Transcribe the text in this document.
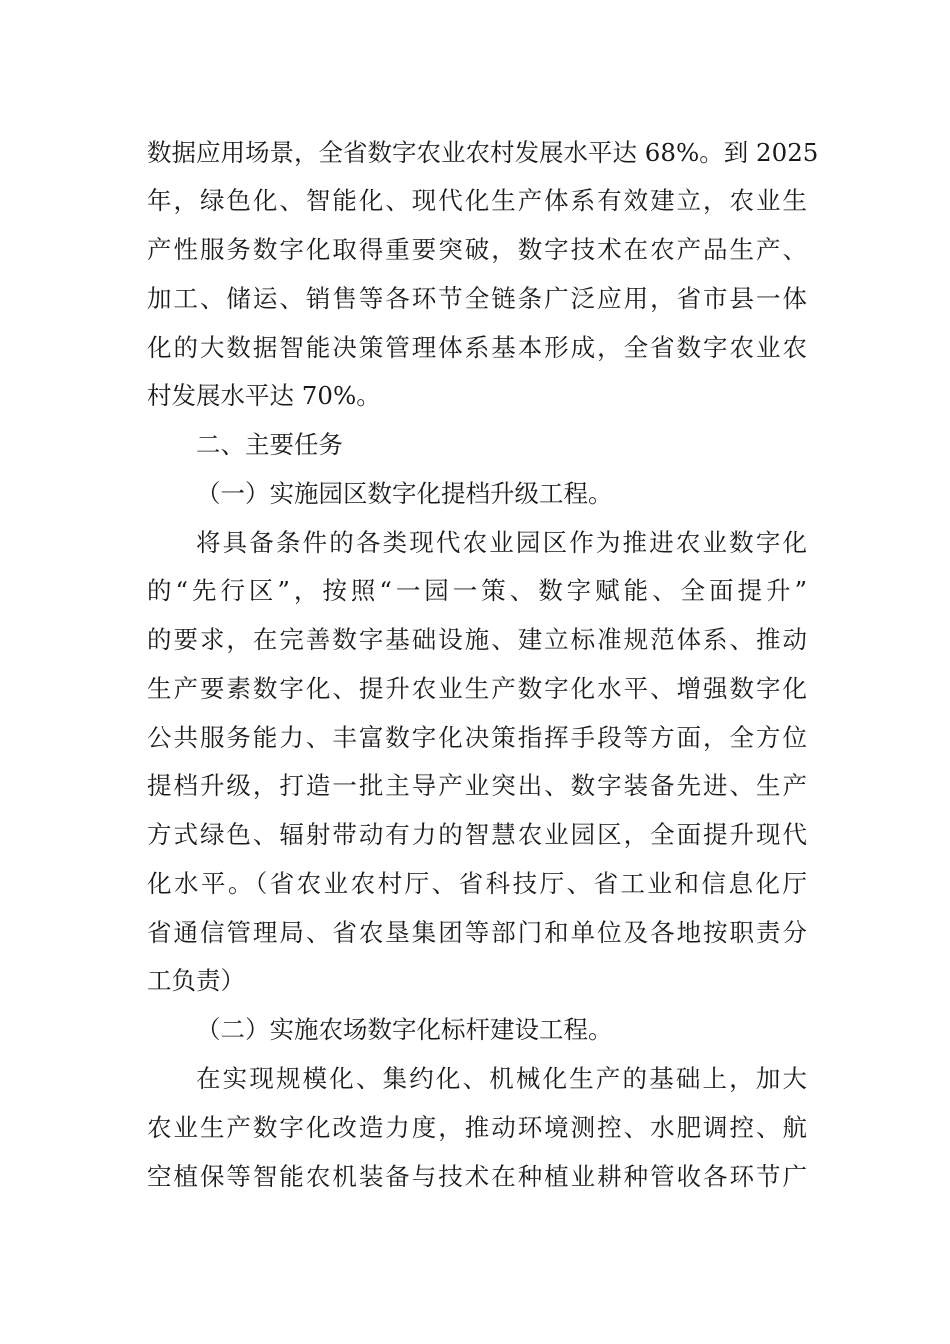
数据应用场景，全省数字农业农村发展水平达 68%。到 2025
年，绿色化、智能化、现代化生产体系有效建立，农业生
产性服务数字化取得重要突破，数字技术在农产品生产、
加工、储运、销售等各环节全链条广泛应用，省市县一体
化的大数据智能决策管理体系基本形成，全省数字农业农
村发展水平达 70%。
二、主要任务
（一）实施园区数字化提档升级工程。
将具备条件的各类现代农业园区作为推进农业数字化
的“先行区”，按照“一园一策、数字赋能、全面提升”
的要求，在完善数字基础设施、建立标准规范体系、推动
生产要素数字化、提升农业生产数字化水平、增强数字化
公共服务能力、丰富数字化决策指挥手段等方面，全方位
提档升级，打造一批主导产业突出、数字装备先进、生产
方式绿色、辐射带动有力的智慧农业园区，全面提升现代
化水平。（省农业农村厅、省科技厅、省工业和信息化厅
省通信管理局、省农垦集团等部门和单位及各地按职责分
工负责）
（二）实施农场数字化标杆建设工程。
在实现规模化、集约化、机械化生产的基础上，加大
农业生产数字化改造力度，推动环境测控、水肥调控、航
空植保等智能农机装备与技术在种植业耕种管收各环节广
